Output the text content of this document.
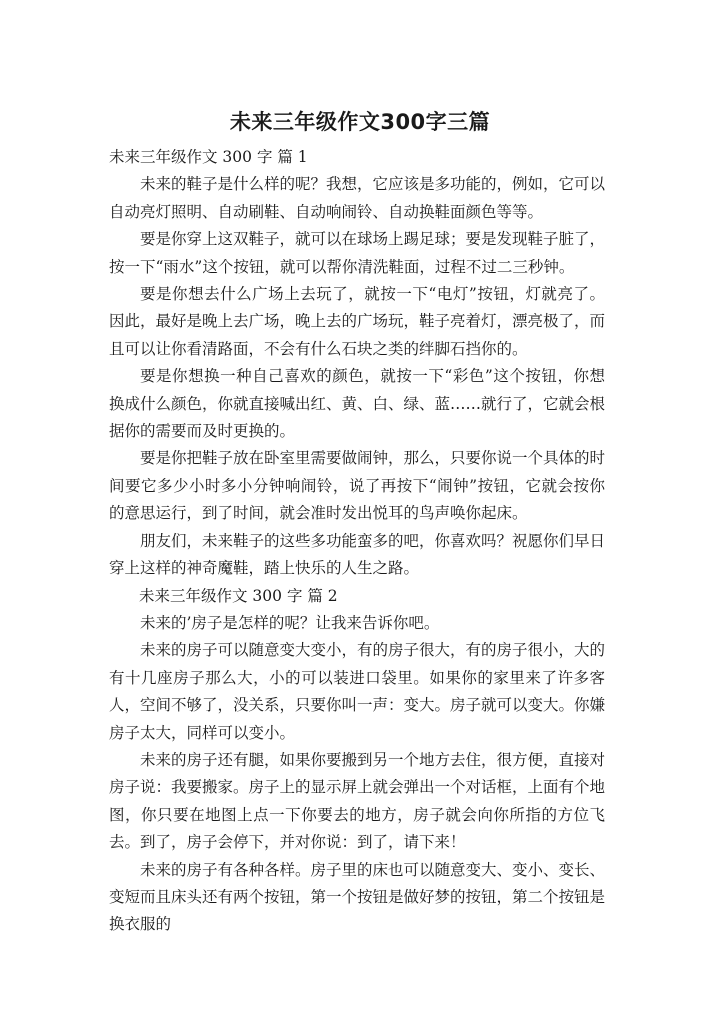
未来三年级作文300字三篇

未来三年级作文 300 字 篇 1

未来的鞋子是什么样的呢？我想，它应该是多功能的，例如，它可以自动亮灯照明、自动刷鞋、自动响闹铃、自动换鞋面颜色等等。

要是你穿上这双鞋子，就可以在球场上踢足球；要是发现鞋子脏了，按一下“雨水”这个按钮，就可以帮你清洗鞋面，过程不过二三秒钟。

要是你想去什么广场上去玩了，就按一下“电灯”按钮，灯就亮了。因此，最好是晚上去广场，晚上去的广场玩，鞋子亮着灯，漂亮极了，而且可以让你看清路面，不会有什么石块之类的绊脚石挡你的。

要是你想换一种自己喜欢的颜色，就按一下“彩色”这个按钮，你想换成什么颜色，你就直接喊出红、黄、白、绿、蓝……就行了，它就会根据你的需要而及时更换的。

要是你把鞋子放在卧室里需要做闹钟，那么，只要你说一个具体的时间要它多少小时多小分钟响闹铃，说了再按下“闹钟”按钮，它就会按你的意思运行，到了时间，就会准时发出悦耳的鸟声唤你起床。

朋友们，未来鞋子的这些多功能蛮多的吧，你喜欢吗？祝愿你们早日穿上这样的神奇魔鞋，踏上快乐的人生之路。

未来三年级作文 300 字 篇 2

未来的’房子是怎样的呢？让我来告诉你吧。

未来的房子可以随意变大变小，有的房子很大，有的房子很小，大的有十几座房子那么大，小的可以装进口袋里。如果你的家里来了许多客人，空间不够了，没关系，只要你叫一声：变大。房子就可以变大。你嫌房子太大，同样可以变小。

未来的房子还有腿，如果你要搬到另一个地方去住，很方便，直接对房子说：我要搬家。房子上的显示屏上就会弹出一个对话框，上面有个地图，你只要在地图上点一下你要去的地方，房子就会向你所指的方位飞去。到了，房子会停下，并对你说：到了，请下来！

未来的房子有各种各样。房子里的床也可以随意变大、变小、变长、变短而且床头还有两个按钮，第一个按钮是做好梦的按钮，第二个按钮是换衣服的
